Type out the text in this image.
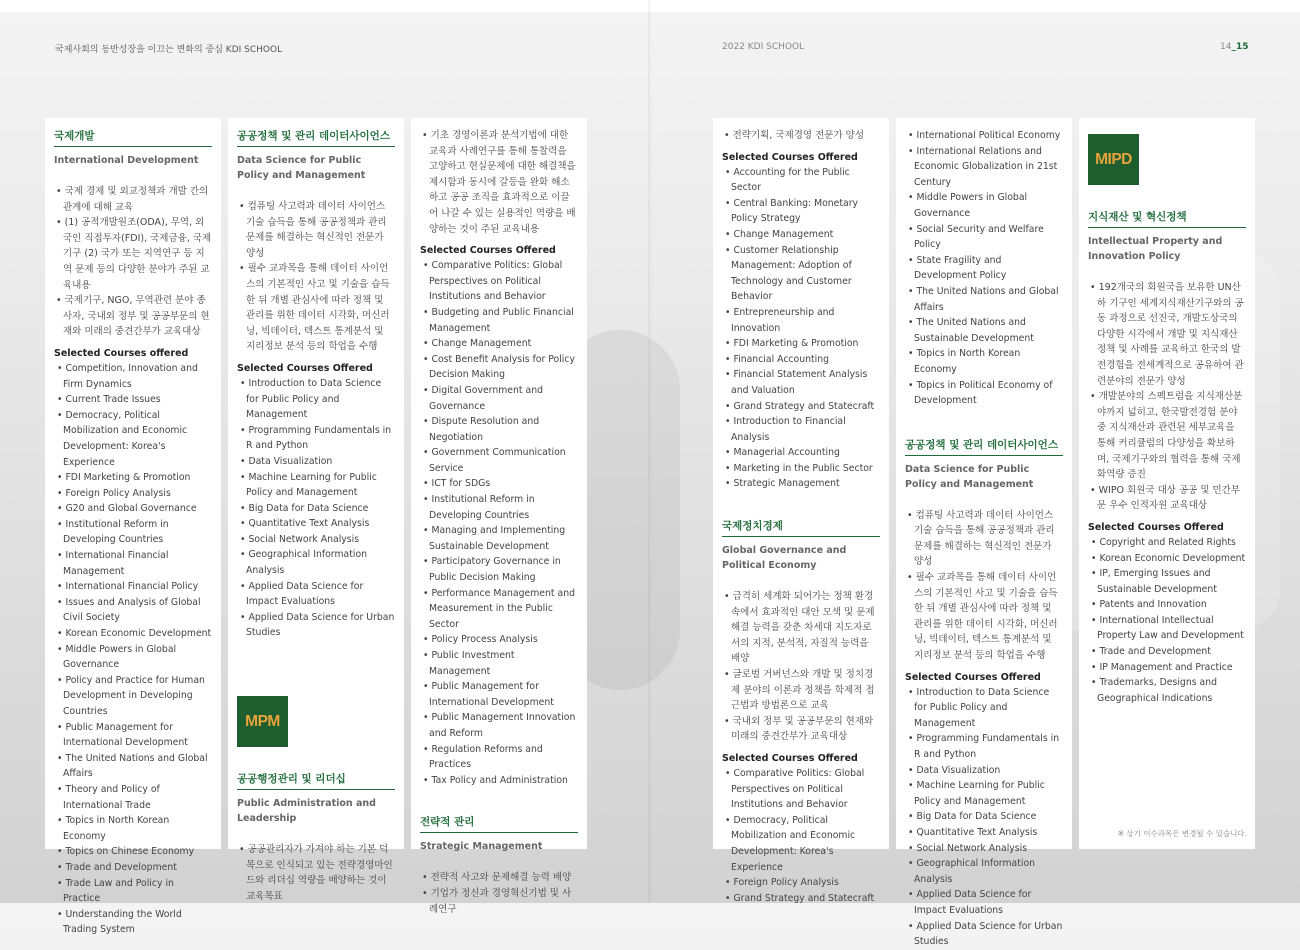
국제사회의 동반성장을 이끄는 변화의 중심 KDI SCHOOL	2022 KDI SCHOOL	14_15
국제개발
International Development
• 국제 경제 및 외교정책과 개발 간의 관계에 대해 교육
• (1) 공적개발원조(ODA), 무역, 외국인 직접투자(FDI), 국제금융, 국제기구 (2) 국가 또는 지역연구 등 지역 문제 등의 다양한 분야가 주된 교육내용
• 국제기구, NGO, 무역관련 분야 종사자, 국내외 정부 및 공공부문의 현재와 미래의 중견간부가 교육대상
Selected Courses offered
• Competition, Innovation and Firm Dynamics
• Current Trade Issues
• Democracy, Political Mobilization and Economic Development: Korea's Experience
• FDI Marketing & Promotion
• Foreign Policy Analysis
• G20 and Global Governance
• Institutional Reform in Developing Countries
• International Financial Management
• International Financial Policy
• Issues and Analysis of Global Civil Society
• Korean Economic Development
• Middle Powers in Global Governance
• Policy and Practice for Human Development in Developing Countries
• Public Management for International Development
• The United Nations and Global Affairs
• Theory and Policy of International Trade
• Topics in North Korean Economy
• Topics on Chinese Economy
• Trade and Development
• Trade Law and Policy in Practice
• Understanding the World Trading System
공공정책 및 관리 데이터사이언스
Data Science for Public Policy and Management
• 컴퓨팅 사고력과 데이터 사이언스 기술 습득을 통해 공공정책과 관리 문제를 해결하는 혁신적인 전문가 양성
• 필수 교과목을 통해 데이터 사이언스의 기본적인 사고 및 기술을 습득한 뒤 개별 관심사에 따라 정책 및 관리를 위한 데이터 시각화, 머신러닝, 빅데이터, 텍스트 통계분석 및 지리정보 분석 등의 학업을 수행
Selected Courses Offered
• Introduction to Data Science for Public Policy and Management
• Programming Fundamentals in R and Python
• Data Visualization
• Machine Learning for Public Policy and Management
• Big Data for Data Science
• Quantitative Text Analysis
• Social Network Analysis
• Geographical Information Analysis
• Applied Data Science for Impact Evaluations
• Applied Data Science for Urban Studies
MPM
공공행정관리 및 리더십
Public Administration and Leadership
• 공공관리자가 가져야 하는 기본 덕목으로 인식되고 있는 전략경영마인드와 리더십 역량을 배양하는 것이 교육목표
• 기초 경영이론과 분석기법에 대한 교육과 사례연구를 통해 통찰력을 고양하고 현실문제에 대한 해결책을 제시함과 동시에 갈등을 완화 해소하고 공공 조직을 효과적으로 이끌어 나갈 수 있는 실용적인 역량을 배양하는 것이 주된 교육내용
Selected Courses Offered
• Comparative Politics: Global Perspectives on Political Institutions and Behavior
• Budgeting and Public Financial Management
• Change Management
• Cost Benefit Analysis for Policy Decision Making
• Digital Government and Governance
• Dispute Resolution and Negotiation
• Government Communication Service
• ICT for SDGs
• Institutional Reform in Developing Countries
• Managing and Implementing Sustainable Development
• Participatory Governance in Public Decision Making
• Performance Management and Measurement in the Public Sector
• Policy Process Analysis
• Public Investment Management
• Public Management for International Development
• Public Management Innovation and Reform
• Regulation Reforms and Practices
• Tax Policy and Administration
전략적 관리
Strategic Management
• 전략적 사고와 문제해결 능력 배양
• 기업가 정신과 경영혁신기법 및 사례연구
• 전략기획, 국제경영 전문가 양성
Selected Courses Offered
• Accounting for the Public Sector
• Central Banking: Monetary Policy Strategy
• Change Management
• Customer Relationship Management: Adoption of Technology and Customer Behavior
• Entrepreneurship and Innovation
• FDI Marketing & Promotion
• Financial Accounting
• Financial Statement Analysis and Valuation
• Grand Strategy and Statecraft
• Introduction to Financial Analysis
• Managerial Accounting
• Marketing in the Public Sector
• Strategic Management
국제정치경제
Global Governance and Political Economy
• 급격히 세계화 되어가는 정책 환경 속에서 효과적인 대안 모색 및 문제 해결 능력을 갖춘 차세대 지도자로서의 지적, 분석적, 자질적 능력을 배양
• 글로벌 거버넌스와 개발 및 정치경제 분야의 이론과 정책을 학제적 접근법과 방법론으로 교육
• 국내외 정부 및 공공부문의 현재와 미래의 중견간부가 교육대상
Selected Courses Offered
• Comparative Politics: Global Perspectives on Political Institutions and Behavior
• Democracy, Political Mobilization and Economic Development: Korea's Experience
• Foreign Policy Analysis
• Grand Strategy and Statecraft
• International Political Economy
• International Relations and Economic Globalization in 21st Century
• Middle Powers in Global Governance
• Social Security and Welfare Policy
• State Fragility and Development Policy
• The United Nations and Global Affairs
• The United Nations and Sustainable Development
• Topics in North Korean Economy
• Topics in Political Economy of Development
공공정책 및 관리 데이터사이언스
Data Science for Public Policy and Management
• 컴퓨팅 사고력과 데이터 사이언스 기술 습득을 통해 공공정책과 관리 문제를 해결하는 혁신적인 전문가 양성
• 필수 교과목을 통해 데이터 사이언스의 기본적인 사고 및 기술을 습득한 뒤 개별 관심사에 따라 정책 및 관리를 위한 데이터 시각화, 머신러닝, 빅데이터, 텍스트 통계분석 및 지리정보 분석 등의 학업을 수행
Selected Courses Offered
• Introduction to Data Science for Public Policy and Management
• Programming Fundamentals in R and Python
• Data Visualization
• Machine Learning for Public Policy and Management
• Big Data for Data Science
• Quantitative Text Analysis
• Social Network Analysis
• Geographical Information Analysis
• Applied Data Science for Impact Evaluations
• Applied Data Science for Urban Studies
MIPD
지식재산 및 혁신정책
Intellectual Property and Innovation Policy
• 192개국의 회원국을 보유한 UN산하 기구인 세계지식재산기구와의 공동 과정으로 선진국, 개발도상국의 다양한 시각에서 개발 및 지식재산 정책 및 사례를 교육하고 한국의 발전경험을 전세계적으로 공유하여 관련분야의 전문가 양성
• 개발분야의 스펙트럼을 지식재산분야까지 넓히고, 한국발전경험 분야 중 지식재산과 관련된 세부교육을 통해 커리큘럼의 다양성을 확보하며, 국제기구와의 협력을 통해 국제화역량 증진
• WIPO 회원국 대상 공공 및 민간부문 우수 인적자원 교육대상
Selected Courses Offered
• Copyright and Related Rights
• Korean Economic Development
• IP, Emerging Issues and Sustainable Development
• Patents and Innovation
• International Intellectual Property Law and Development
• Trade and Development
• IP Management and Practice
• Trademarks, Designs and Geographical Indications
※ 상기 이수과목은 변경될 수 있습니다.
